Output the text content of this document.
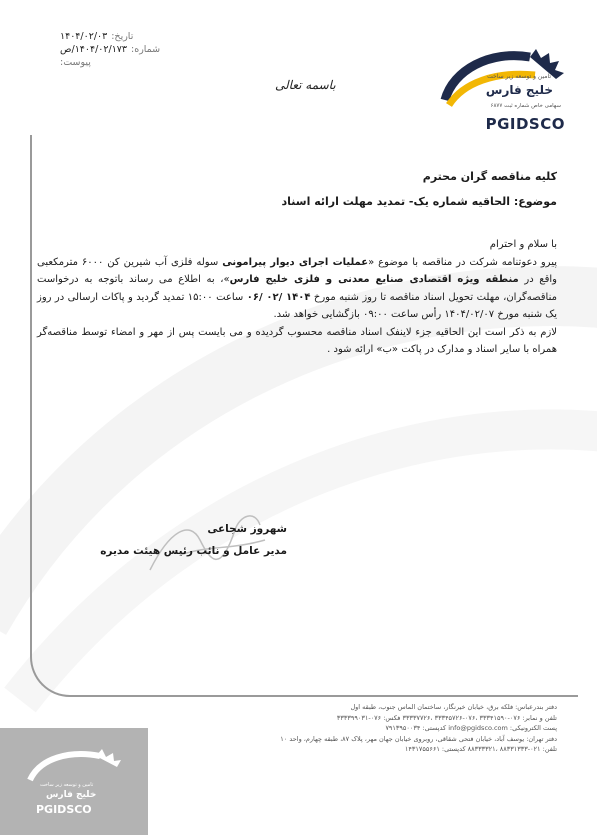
تاریخ:
۱۴۰۴/۰۲/۰۳
شماره:
۱۴۰۴/۰۲/۱۷۳/ص
پیوست:
باسمه تعالی
تامین و توسعه زیر ساخت
خلیج فارس
سهامی خاص شماره ثبت ۶۸۷۷
PGIDSCO
کلیه مناقصه گران محترم
موضوع: الحاقیه شماره یک- تمدید مهلت ارائه اسناد

با سلام و احترام

پیرو دعوتنامه شرکت در مناقصه با موضوع «عملیات اجرای دیوار پیرامونی سوله فلزی آب شیرین کن ۶۰۰۰ مترمکعبی واقع در منطقه ویژه اقتصادی صنایع معدنی و فلزی خلیج فارس»، به اطلاع می رساند باتوجه به درخواست مناقصه‌گران، مهلت تحویل اسناد مناقصه تا روز شنبه مورخ ۱۴۰۴ /۰۲ /۰۶ ساعت ۱۵:۰۰ تمدید گردید و پاکات ارسالی در روز یک شنبه مورخ ۱۴۰۴/۰۲/۰۷ رأس ساعت ۰۹:۰۰ بازگشایی خواهد شد.

لازم به ذکر است این الحاقیه جزء لاینفک اسناد مناقصه محسوب گردیده و می بایست پس از مهر و امضاء توسط مناقصه‌گر همراه با سایر اسناد و مدارک در پاکت «ب» ارائه شود .

شهروز شجاعی
مدیر عامل و نائب رئیس هیئت مدیره

دفتر بندرعباس: فلکه برق، خیابان خیرنگار، ساختمان الماس جنوب، طبقه اول

تلفن و نمابر: ۰۷۶-۳۳۳۴۱۵۹۰ ،۰۷۶-۳۳۳۴۵۷۲۶ ،۳۳۳۳۷۷۲۶ فکس: ۰۷۶-۳۳۳۳۹۹۰۳۱

پست الکترونیکی: info@pgidsco.com کدپستی: ۷۹۱۳۹۵۰۰۳۴

دفتر تهران: یوسف آباد، خیابان فتحی شقاقی، روبروی خیابان جهان مهر، پلاک ۸۷، طبقه چهارم، واحد ۱۰

تلفن: ۰۲۱-۸۸۳۳۱۳۳۳ ،۸۸۳۳۳۳۲۱ کدپستی: ۱۴۳۱۷۵۵۶۶۱

تامین و توسعه زیر ساخت
خلیج فارس
PGIDSCO
